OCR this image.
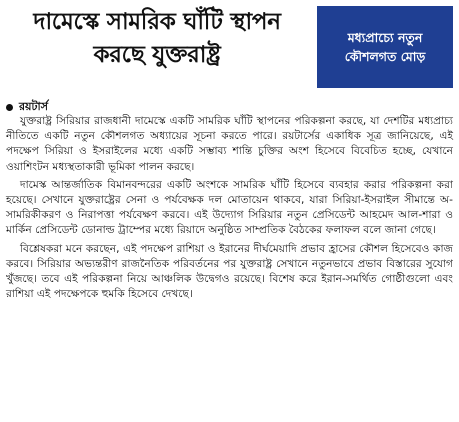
দামেস্কে সামরিক ঘাঁটি স্থাপন করছে যুক্তরাষ্ট্র
মধ্যপ্রাচ্যে নতুন কৌশলগত মোড়
রয়টার্স

যুক্তরাষ্ট্র সিরিয়ার রাজধানী দামেস্কে একটি সামরিক ঘাঁটি স্থাপনের পরিকল্পনা করছে, যা দেশটির মধ্যপ্রাচ্য নীতিতে একটি নতুন কৌশলগত অধ্যায়ের সূচনা করতে পারে। রয়টার্সের একাধিক সূত্র জানিয়েছে, এই পদক্ষেপ সিরিয়া ও ইসরাইলের মধ্যে একটি সম্ভাব্য শান্তি চুক্তির অংশ হিসেবে বিবেচিত হচ্ছে, যেখানে ওয়াশিংটন মধ্যস্থতাকারী ভূমিকা পালন করছে।

দামেস্ক আন্তর্জাতিক বিমানবন্দরের একটি অংশকে সামরিক ঘাঁটি হিসেবে ব্যবহার করার পরিকল্পনা করা হয়েছে। সেখানে যুক্তরাষ্ট্রের সেনা ও পর্যবেক্ষক দল মোতায়েন থাকবে, যারা সিরিয়া-ইসরাইল সীমান্তে অ-সামরিকীকরণ ও নিরাপত্তা পর্যবেক্ষণ করবে। এই উদ্যোগ সিরিয়ার নতুন প্রেসিডেন্ট আহমেদ আল-শারা ও মার্কিন প্রেসিডেন্ট ডোনাল্ড ট্রাম্পের মধ্যে রিয়াদে অনুষ্ঠিত সাম্প্রতিক বৈঠকের ফলাফল বলে জানা গেছে।

বিশ্লেষকরা মনে করছেন, এই পদক্ষেপ রাশিয়া ও ইরানের দীর্ঘমেয়াদি প্রভাব হ্রাসের কৌশল হিসেবেও কাজ করবে। সিরিয়ার অভ্যন্তরীণ রাজনৈতিক পরিবর্তনের পর যুক্তরাষ্ট্র সেখানে নতুনভাবে প্রভাব বিস্তারের সুযোগ খুঁজছে। তবে এই পরিকল্পনা নিয়ে আঞ্চলিক উদ্বেগও রয়েছে। বিশেষ করে ইরান-সমর্থিত গোষ্ঠীগুলো এবং রাশিয়া এই পদক্ষেপকে হুমকি হিসেবে দেখছে।
